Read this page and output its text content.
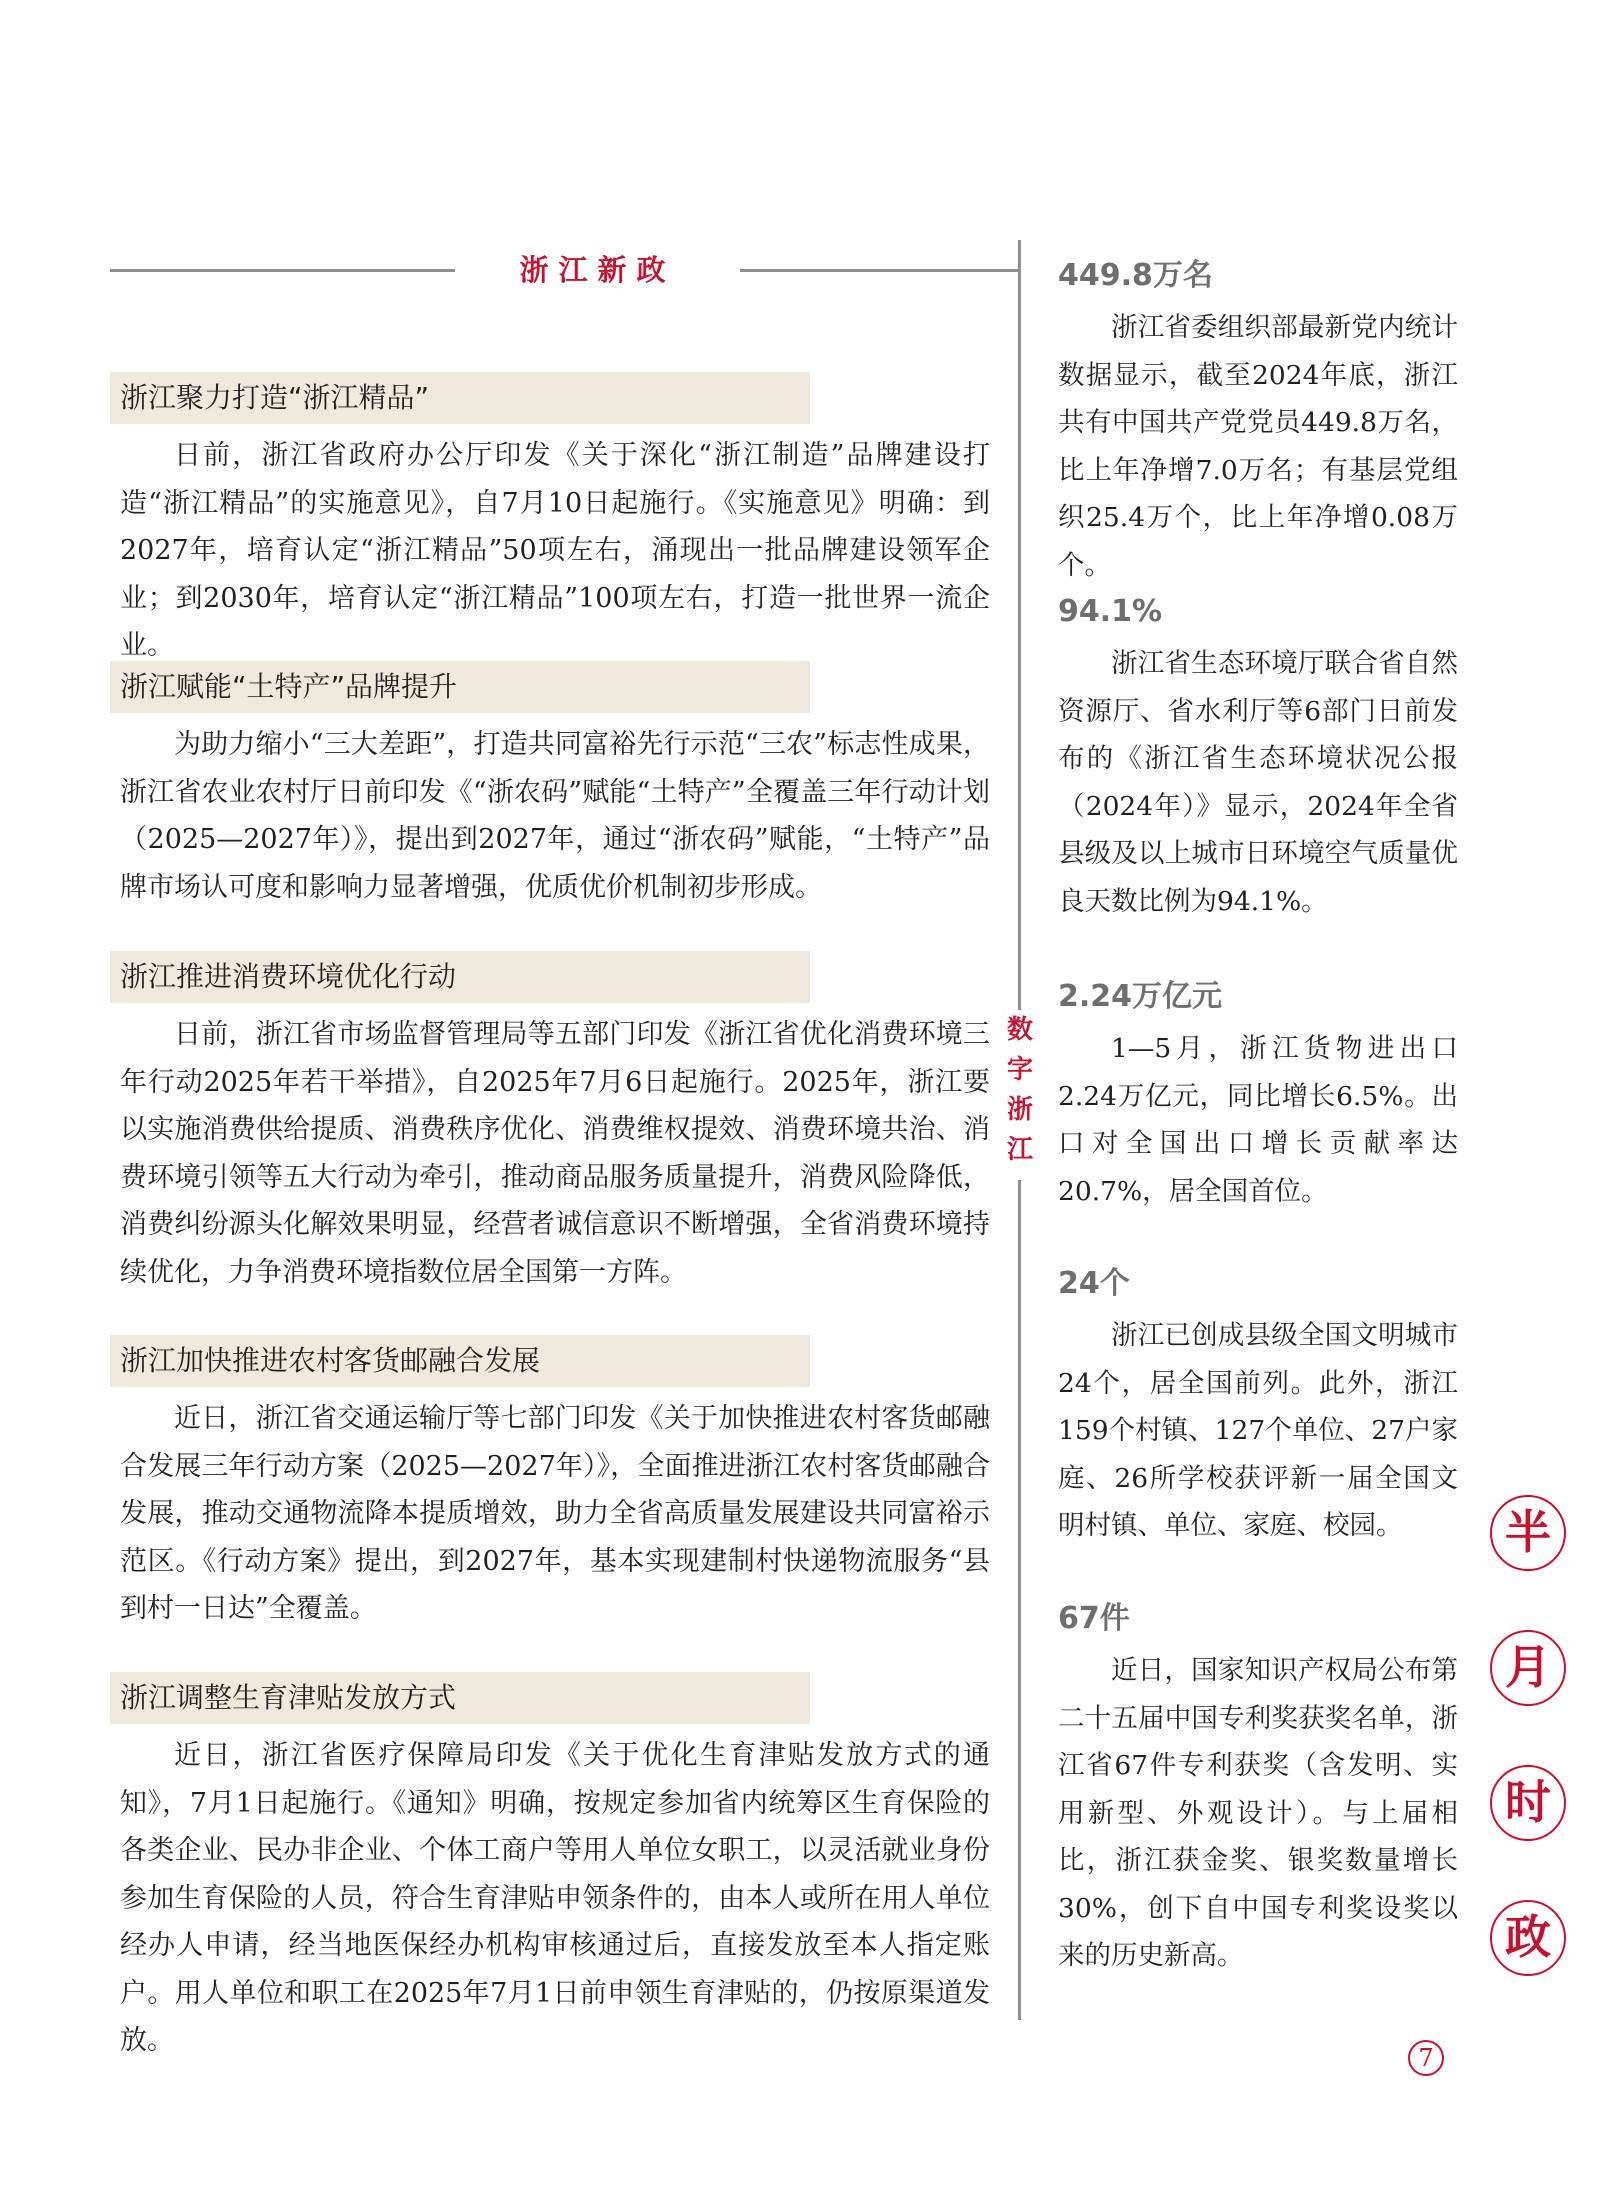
浙江新政
浙江聚力打造“浙江精品”
日前，浙江省政府办公厅印发《关于深化“浙江制造”品牌建设打造“浙江精品”的实施意见》，自7月10日起施行。《实施意见》明确：到2027年，培育认定“浙江精品”50项左右，涌现出一批品牌建设领军企业；到2030年，培育认定“浙江精品”100项左右，打造一批世界一流企业。
浙江赋能“土特产”品牌提升
为助力缩小“三大差距”，打造共同富裕先行示范“三农”标志性成果，浙江省农业农村厅日前印发《“浙农码”赋能“土特产”全覆盖三年行动计划（2025—2027年）》，提出到2027年，通过“浙农码”赋能，“土特产”品牌市场认可度和影响力显著增强，优质优价机制初步形成。
浙江推进消费环境优化行动
日前，浙江省市场监督管理局等五部门印发《浙江省优化消费环境三年行动2025年若干举措》，自2025年7月6日起施行。2025年，浙江要以实施消费供给提质、消费秩序优化、消费维权提效、消费环境共治、消费环境引领等五大行动为牵引，推动商品服务质量提升，消费风险降低，消费纠纷源头化解效果明显，经营者诚信意识不断增强，全省消费环境持续优化，力争消费环境指数位居全国第一方阵。
浙江加快推进农村客货邮融合发展
近日，浙江省交通运输厅等七部门印发《关于加快推进农村客货邮融合发展三年行动方案（2025—2027年）》，全面推进浙江农村客货邮融合发展，推动交通物流降本提质增效，助力全省高质量发展建设共同富裕示范区。《行动方案》提出，到2027年，基本实现建制村快递物流服务“县到村一日达”全覆盖。
浙江调整生育津贴发放方式
近日，浙江省医疗保障局印发《关于优化生育津贴发放方式的通知》，7月1日起施行。《通知》明确，按规定参加省内统筹区生育保险的各类企业、民办非企业、个体工商户等用人单位女职工，以灵活就业身份参加生育保险的人员，符合生育津贴申领条件的，由本人或所在用人单位经办人申请，经当地医保经办机构审核通过后，直接发放至本人指定账户。用人单位和职工在2025年7月1日前申领生育津贴的，仍按原渠道发放。
数
字
浙
江
449.8万名
浙江省委组织部最新党内统计数据显示，截至2024年底，浙江共有中国共产党党员449.8万名，比上年净增7.0万名；有基层党组织25.4万个，比上年净增0.08万个。
94.1%
浙江省生态环境厅联合省自然资源厅、省水利厅等6部门日前发布的《浙江省生态环境状况公报（2024年）》显示，2024年全省县级及以上城市日环境空气质量优良天数比例为94.1%。
2.24万亿元
1—5月，浙江货物进出口2.24万亿元，同比增长6.5%。出口对全国出口增长贡献率达20.7%，居全国首位。
24个
浙江已创成县级全国文明城市24个，居全国前列。此外，浙江159个村镇、127个单位、27户家庭、26所学校获评新一届全国文明村镇、单位、家庭、校园。
67件
近日，国家知识产权局公布第二十五届中国专利奖获奖名单，浙江省67件专利获奖（含发明、实用新型、外观设计）。与上届相比，浙江获金奖、银奖数量增长30%，创下自中国专利奖设奖以来的历史新高。
半
月
时
政
7
